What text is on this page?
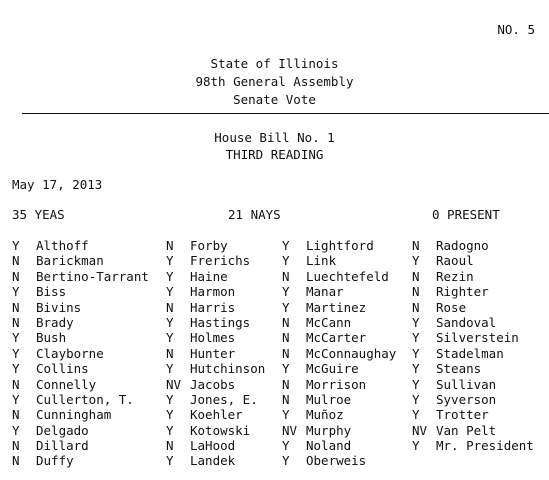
NO. 5
State of Illinois
98th General Assembly
Senate Vote
House Bill No. 1
THIRD READING
May 17, 2013
35 YEAS	21 NAYS	0 PRESENT
Y Althoff
N Barickman
N Bertino-Tarrant
Y Biss
N Bivins
N Brady
Y Bush
Y Clayborne
Y Collins
N Connelly
Y Cullerton, T.
N Cunningham
Y Delgado
N Dillard
N Duffy
N Forby
Y Frerichs
Y Haine
Y Harmon
N Harris
Y Hastings
Y Holmes
N Hunter
Y Hutchinson
NV Jacobs
Y Jones, E.
Y Koehler
Y Kotowski
N LaHood
Y Landek
Y Lightford
Y Link
N Luechtefeld
Y Manar
Y Martinez
N McCann
N McCarter
N McConnaughay
Y McGuire
N Morrison
N Mulroe
Y Muñoz
NV Murphy
Y Noland
Y Oberweis
N Radogno
Y Raoul
N Rezin
N Righter
N Rose
Y Sandoval
Y Silverstein
Y Stadelman
Y Steans
Y Sullivan
Y Syverson
Y Trotter
NV Van Pelt
Y Mr. President
